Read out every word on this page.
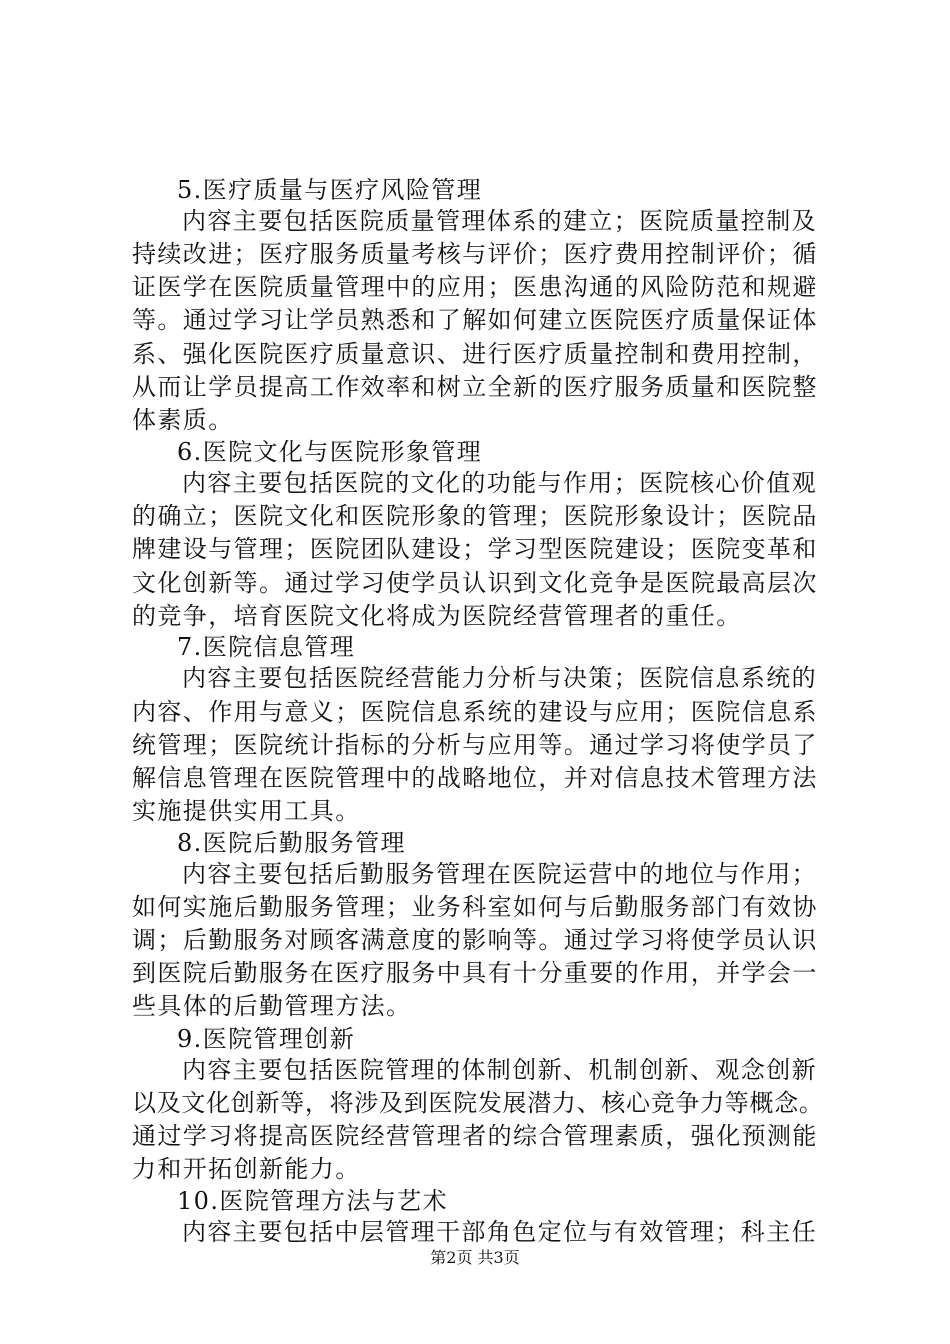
5.医疗质量与医疗风险管理
内容主要包括医院质量管理体系的建立；医院质量控制及
持续改进；医疗服务质量考核与评价；医疗费用控制评价；循
证医学在医院质量管理中的应用；医患沟通的风险防范和规避
等。通过学习让学员熟悉和了解如何建立医院医疗质量保证体
系、强化医院医疗质量意识、进行医疗质量控制和费用控制，
从而让学员提高工作效率和树立全新的医疗服务质量和医院整
体素质。
6.医院文化与医院形象管理
内容主要包括医院的文化的功能与作用；医院核心价值观
的确立；医院文化和医院形象的管理；医院形象设计；医院品
牌建设与管理；医院团队建设；学习型医院建设；医院变革和
文化创新等。通过学习使学员认识到文化竞争是医院最高层次
的竞争，培育医院文化将成为医院经营管理者的重任。
7.医院信息管理
内容主要包括医院经营能力分析与决策；医院信息系统的
内容、作用与意义；医院信息系统的建设与应用；医院信息系
统管理；医院统计指标的分析与应用等。通过学习将使学员了
解信息管理在医院管理中的战略地位，并对信息技术管理方法
实施提供实用工具。
8.医院后勤服务管理
内容主要包括后勤服务管理在医院运营中的地位与作用；
如何实施后勤服务管理；业务科室如何与后勤服务部门有效协
调；后勤服务对顾客满意度的影响等。通过学习将使学员认识
到医院后勤服务在医疗服务中具有十分重要的作用，并学会一
些具体的后勤管理方法。
9.医院管理创新
内容主要包括医院管理的体制创新、机制创新、观念创新
以及文化创新等，将涉及到医院发展潜力、核心竞争力等概念。
通过学习将提高医院经营管理者的综合管理素质，强化预测能
力和开拓创新能力。
10.医院管理方法与艺术
内容主要包括中层管理干部角色定位与有效管理；科主任
第2页 共3页
